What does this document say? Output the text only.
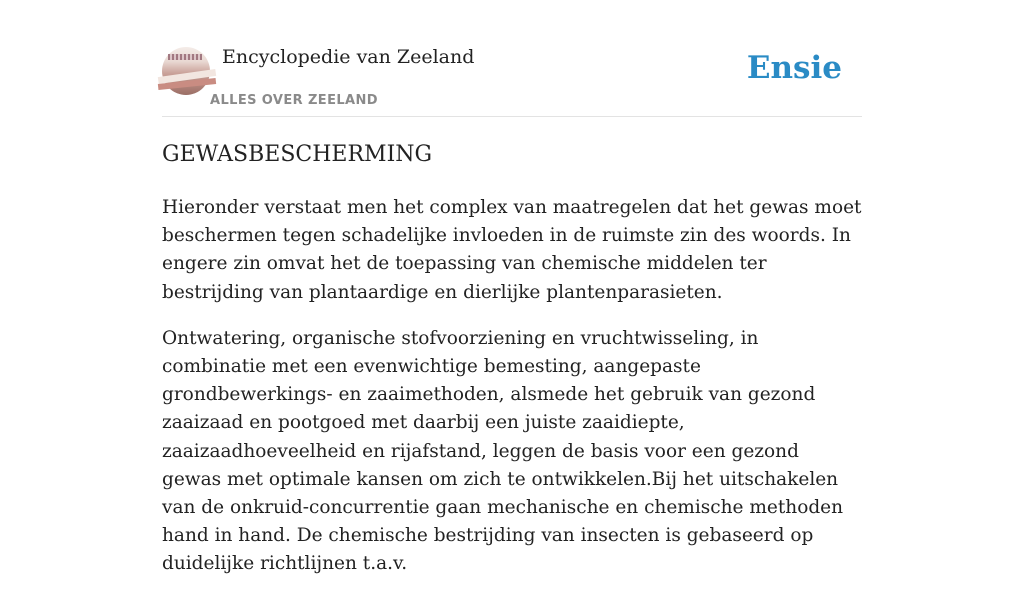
Encyclopedie van Zeeland
ALLES OVER ZEELAND
Ensie
GEWASBESCHERMING

Hieronder verstaat men het complex van maatregelen dat het gewas moet beschermen tegen schadelijke invloeden in de ruimste zin des woords. In engere zin omvat het de toepassing van chemische middelen ter bestrijding van plantaardige en dierlijke plantenparasieten.

Ontwatering, organische stofvoorziening en vruchtwisseling, in combinatie met een evenwichtige bemesting, aangepaste grondbewerkings- en zaaimethoden, alsmede het gebruik van gezond zaaizaad en pootgoed met daarbij een juiste zaaidiepte, zaaizaadhoeveelheid en rijafstand, leggen de basis voor een gezond gewas met optimale kansen om zich te ontwikkelen.Bij het uitschakelen van de onkruid-concurrentie gaan mechanische en chemische methoden hand in hand. De chemische bestrijding van insecten is gebaseerd op duidelijke richtlijnen t.a.v.
